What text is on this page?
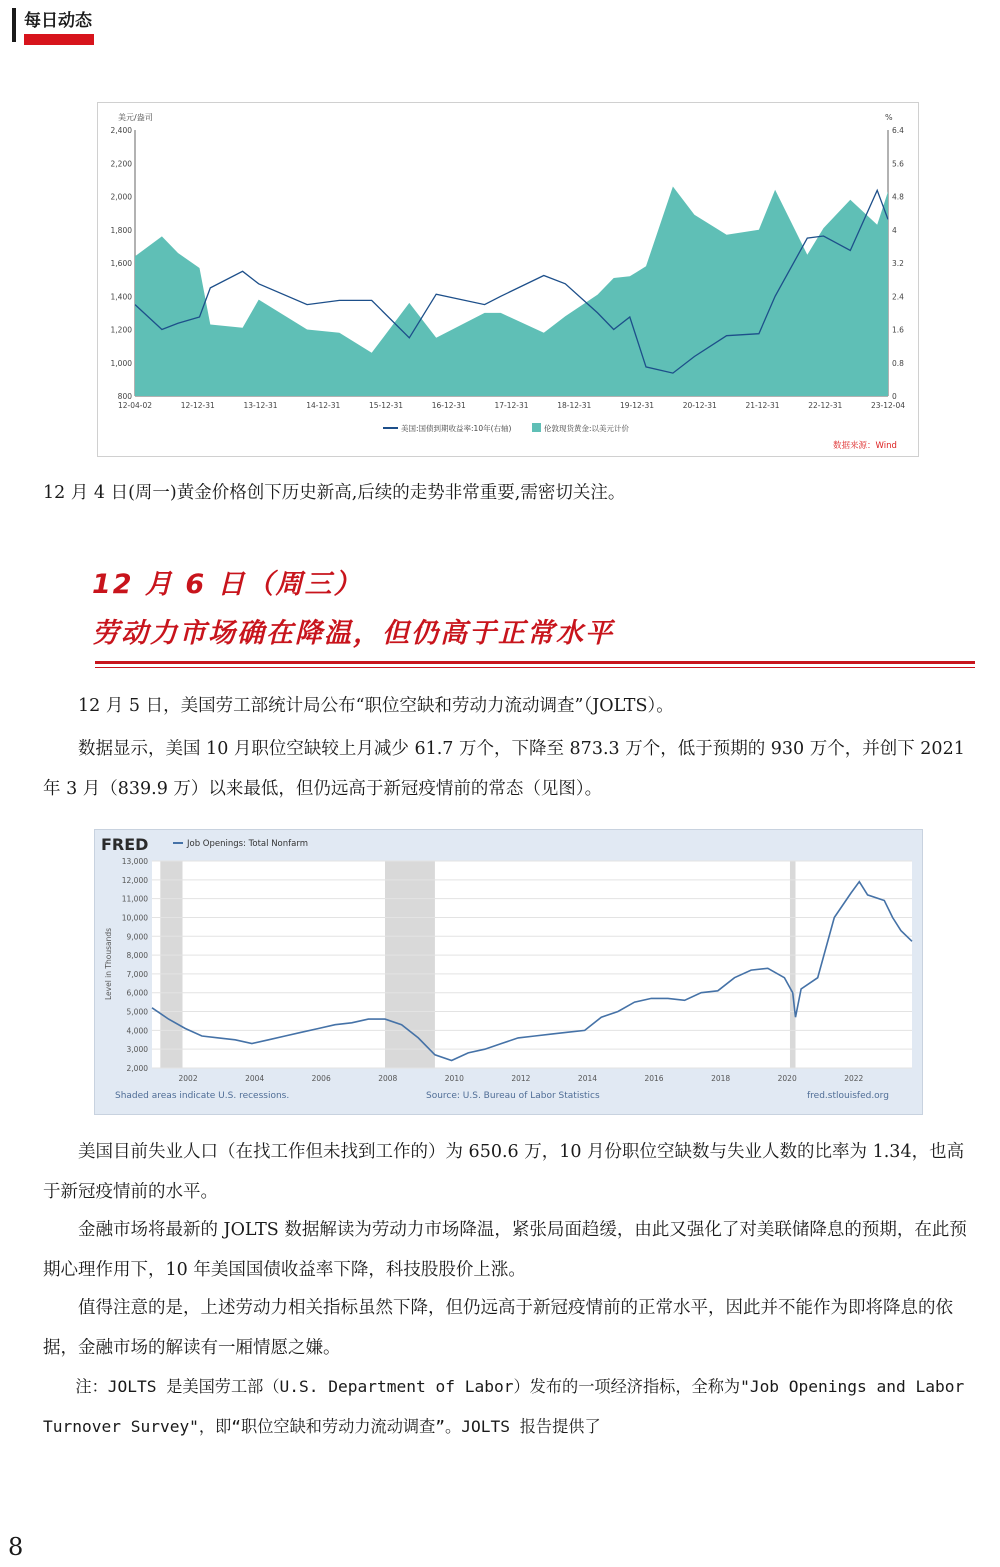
每日动态
美元/盎司	%
2,400
2,200
2,000
1,800
1,600
1,400
1,200
1,000
800
6.4
5.6
4.8
4
3.2
2.4
1.6
0.8
0
12-04-02	12-12-31	13-12-31	14-12-31	15-12-31	16-12-31	17-12-31	18-12-31	19-12-31	20-12-31	21-12-31	22-12-31	23-12-04
美国:国债到期收益率:10年(右轴)	伦敦现货黄金:以美元计价
数据来源：Wind
12 月 4 日(周一)黄金价格创下历史新高,后续的走势非常重要,需密切关注。
12 月 6 日（周三）
劳动力市场确在降温，但仍高于正常水平
12 月 5 日，美国劳工部统计局公布“职位空缺和劳动力流动调查”（JOLTS）。
数据显示，美国 10 月职位空缺较上月减少 61.7 万个，下降至 873.3 万个，低于预期的 930 万个，并创下 2021 年 3 月（839.9 万）以来最低，但仍远高于新冠疫情前的常态（见图）。
FRED	Job Openings: Total Nonfarm
13,000
12,000
11,000
10,000
9,000
8,000
7,000
6,000
5,000
4,000
3,000
2,000
2002	2004	2006	2008	2010	2012	2014	2016	2018	2020	2022
Level in Thousands
Shaded areas indicate U.S. recessions.	Source: U.S. Bureau of Labor Statistics	fred.stlouisfed.org
美国目前失业人口（在找工作但未找到工作的）为 650.6 万，10 月份职位空缺数与失业人数的比率为 1.34，也高于新冠疫情前的水平。
金融市场将最新的 JOLTS 数据解读为劳动力市场降温，紧张局面趋缓，由此又强化了对美联储降息的预期，在此预期心理作用下，10 年美国国债收益率下降，科技股股价上涨。
值得注意的是，上述劳动力相关指标虽然下降，但仍远高于新冠疫情前的正常水平，因此并不能作为即将降息的依据，金融市场的解读有一厢情愿之嫌。
注：JOLTS 是美国劳工部（U.S. Department of Labor）发布的一项经济指标，全称为"Job Openings and Labor Turnover Survey"，即“职位空缺和劳动力流动调查”。JOLTS 报告提供了
8
